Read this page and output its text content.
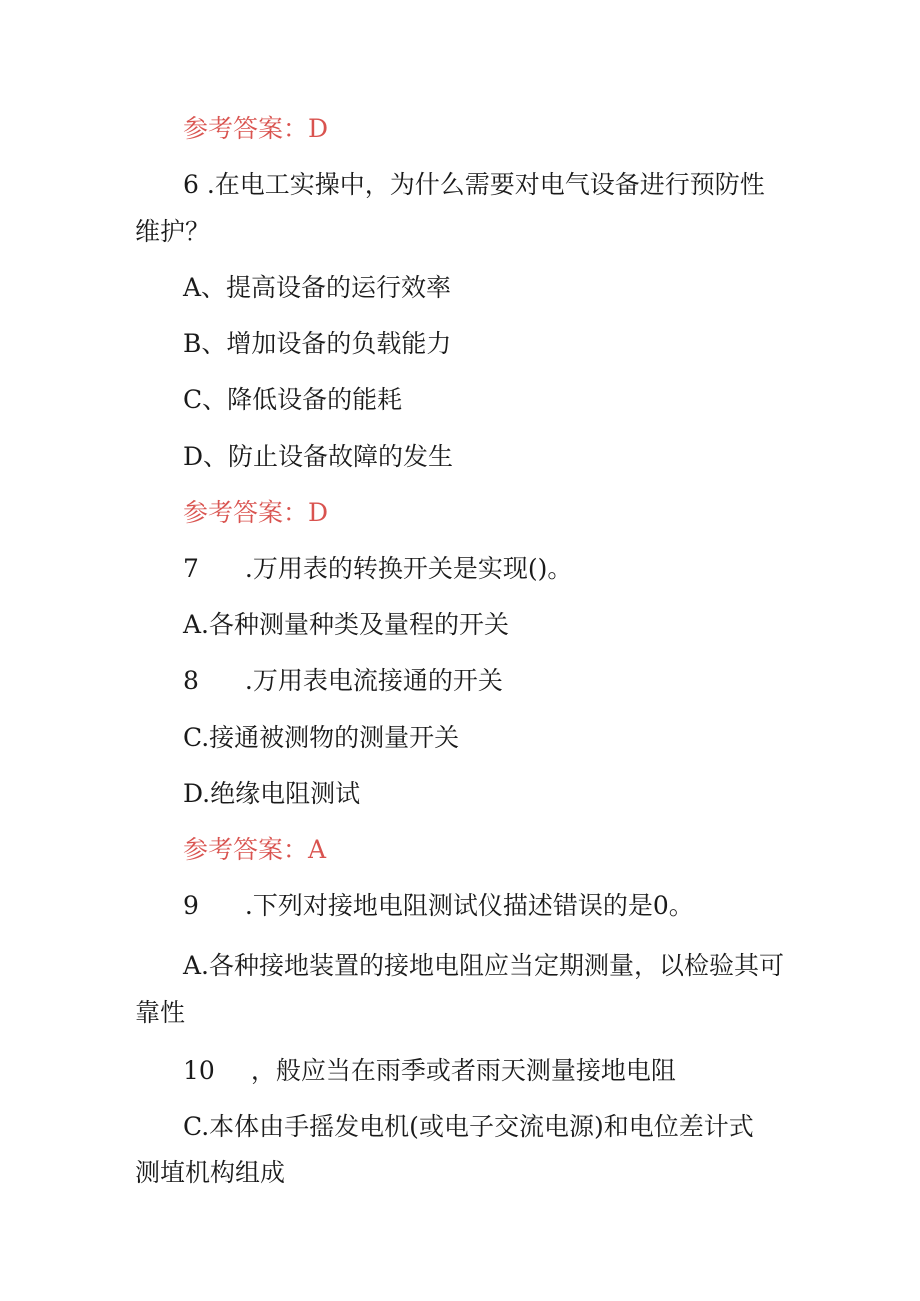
参考答案：D
6 .在电工实操中，为什么需要对电气设备进行预防性
维护？
A、提高设备的运行效率
B、增加设备的负载能力
C、降低设备的能耗
D、防止设备故障的发生
参考答案：D
7 .万用表的转换开关是实现()。
A.各种测量种类及量程的开关
8 .万用表电流接通的开关
C.接通被测物的测量开关
D.绝缘电阻测试
参考答案：A
9 .下列对接地电阻测试仪描述错误的是0。
A.各种接地装置的接地电阻应当定期测量，以检验其可
靠性
10 ，般应当在雨季或者雨天测量接地电阻
C.本体由手摇发电机(或电子交流电源)和电位差计式
测埴机构组成
